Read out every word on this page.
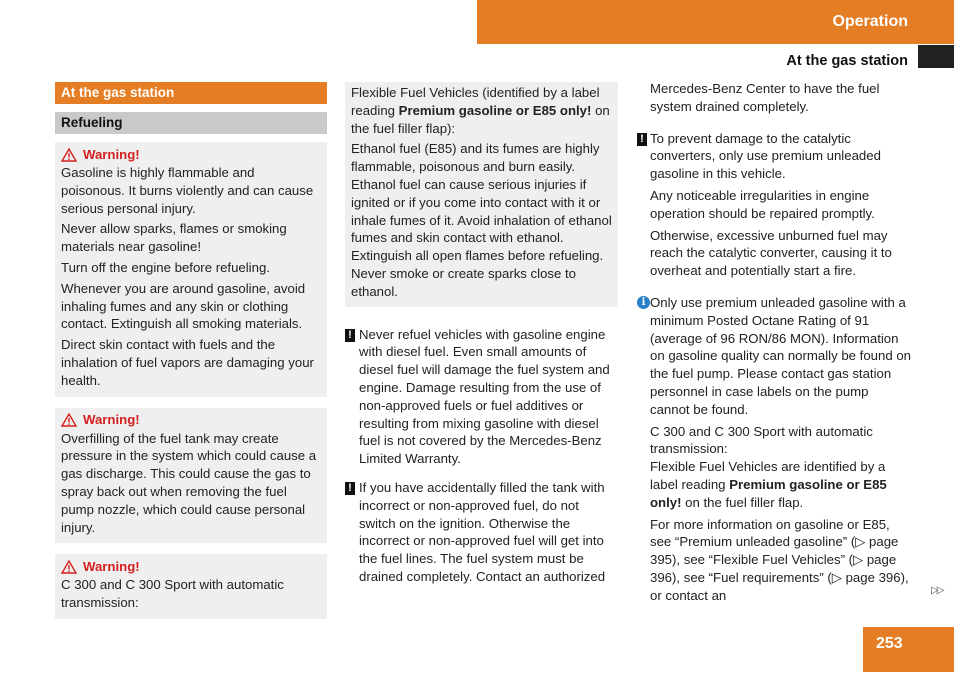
Operation
At the gas station
At the gas station
Refueling
Warning!

Gasoline is highly flammable and poisonous. It burns violently and can cause serious personal injury.

Never allow sparks, flames or smoking materials near gasoline!

Turn off the engine before refueling.

Whenever you are around gasoline, avoid inhaling fumes and any skin or clothing contact. Extinguish all smoking materials.

Direct skin contact with fuels and the inhalation of fuel vapors are damaging your health.

Warning!

Overfilling of the fuel tank may create pressure in the system which could cause a gas discharge. This could cause the gas to spray back out when removing the fuel pump nozzle, which could cause personal injury.

Warning!

C 300 and C 300 Sport with automatic transmission:

Flexible Fuel Vehicles (identified by a label reading Premium gasoline or E85 only! on the fuel filler flap):

Ethanol fuel (E85) and its fumes are highly flammable, poisonous and burn easily. Ethanol fuel can cause serious injuries if ignited or if you come into contact with it or inhale fumes of it. Avoid inhalation of ethanol fumes and skin contact with ethanol. Extinguish all open flames before refueling. Never smoke or create sparks close to ethanol.

! Never refuel vehicles with gasoline engine with diesel fuel. Even small amounts of diesel fuel will damage the fuel system and engine. Damage resulting from the use of non-approved fuels or fuel additives or resulting from mixing gasoline with diesel fuel is not covered by the Mercedes-Benz Limited Warranty.

! If you have accidentally filled the tank with incorrect or non-approved fuel, do not switch on the ignition. Otherwise the incorrect or non-approved fuel will get into the fuel lines. The fuel system must be drained completely. Contact an authorized

Mercedes-Benz Center to have the fuel system drained completely.

! To prevent damage to the catalytic converters, only use premium unleaded gasoline in this vehicle.

Any noticeable irregularities in engine operation should be repaired promptly.

Otherwise, excessive unburned fuel may reach the catalytic converter, causing it to overheat and potentially start a fire.

i Only use premium unleaded gasoline with a minimum Posted Octane Rating of 91 (average of 96 RON/86 MON). Information on gasoline quality can normally be found on the fuel pump. Please contact gas station personnel in case labels on the pump cannot be found.

C 300 and C 300 Sport with automatic transmission:

Flexible Fuel Vehicles are identified by a label reading Premium gasoline or E85 only! on the fuel filler flap.

For more information on gasoline or E85, see “Premium unleaded gasoline” (▷ page 395), see “Flexible Fuel Vehicles” (▷ page 396), see “Fuel requirements” (▷ page 396), or contact an	▷▷
253
